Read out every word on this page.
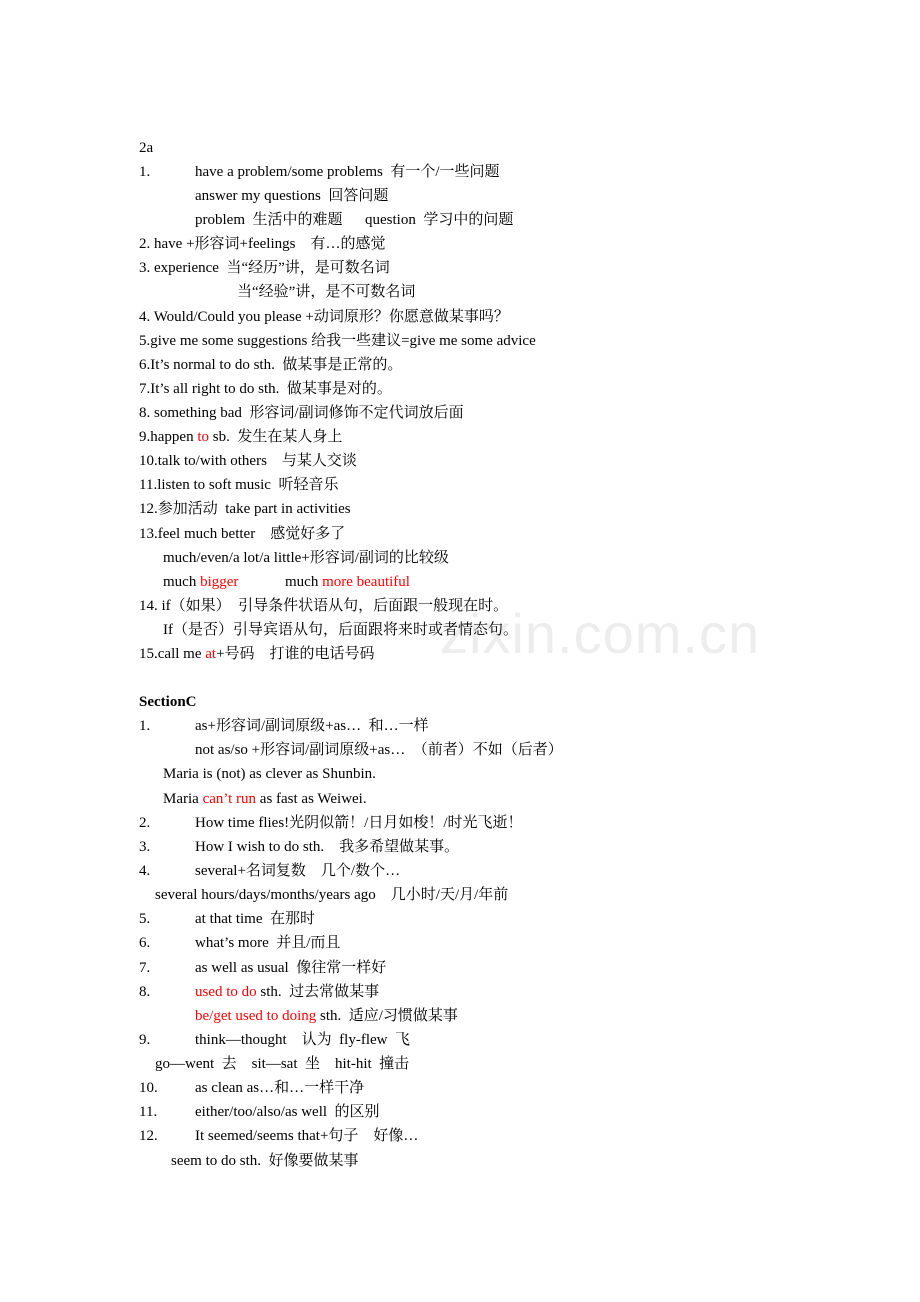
zixin.com.cn
2a
1.	have a problem/some problems  有一个/一些问题
answer my questions  回答问题
problem  生活中的难题      question  学习中的问题
2. have +形容词+feelings    有…的感觉
3. experience  当“经历”讲，是可数名词
当“经验”讲，是不可数名词
4. Would/Could you please +动词原形？你愿意做某事吗？
5.give me some suggestions 给我一些建议=give me some advice
6.It’s normal to do sth.  做某事是正常的。
7.It’s all right to do sth.  做某事是对的。
8. something bad  形容词/副词修饰不定代词放后面
9.happen to sb.  发生在某人身上
10.talk to/with others    与某人交谈
11.listen to soft music  听轻音乐
12.参加活动  take part in activities
13.feel much better    感觉好多了
much/even/a lot/a little+形容词/副词的比较级
much bigger	much more beautiful
14. if（如果）  引导条件状语从句，后面跟一般现在时。
If（是否）引导宾语从句，后面跟将来时或者情态句。
15.call me at+号码    打谁的电话号码
SectionC
1.	as+形容词/副词原级+as…  和…一样
not as/so +形容词/副词原级+as…  （前者）不如（后者）
Maria is (not) as clever as Shunbin.
Maria can’t run as fast as Weiwei.
2.	How time flies!光阴似箭！/日月如梭！/时光飞逝！
3.	How I wish to do sth.    我多希望做某事。
4.	several+名词复数    几个/数个…
several hours/days/months/years ago    几小时/天/月/年前
5.	at that time  在那时
6.	what’s more  并且/而且
7.	as well as usual  像往常一样好
8.	used to do sth.  过去常做某事
be/get used to doing sth.  适应/习惯做某事
9.	think—thought    认为  fly-flew  飞
go—went  去    sit—sat  坐    hit-hit  撞击
10. as clean as…和…一样干净
11.	either/too/also/as well  的区别
12. It seemed/seems that+句子    好像…
seem to do sth.  好像要做某事
